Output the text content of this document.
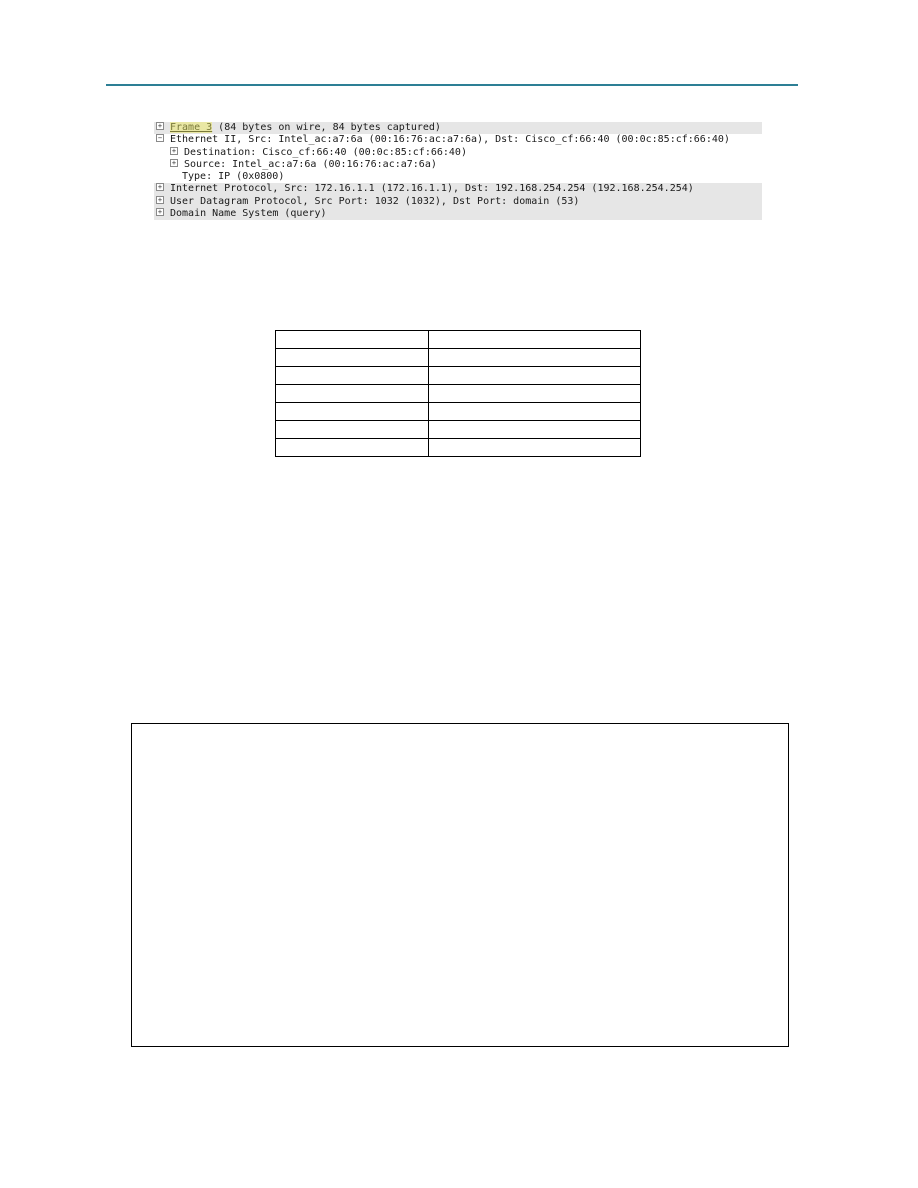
+ Frame 3 (84 bytes on wire, 84 bytes captured)
− Ethernet II, Src: Intel_ac:a7:6a (00:16:76:ac:a7:6a), Dst: Cisco_cf:66:40 (00:0c:85:cf:66:40)
+ Destination: Cisco_cf:66:40 (00:0c:85:cf:66:40)
+ Source: Intel_ac:a7:6a (00:16:76:ac:a7:6a)
Type: IP (0x0800)
+ Internet Protocol, Src: 172.16.1.1 (172.16.1.1), Dst: 192.168.254.254 (192.168.254.254)
+ User Datagram Protocol, Src Port: 1032 (1032), Dst Port: domain (53)
+ Domain Name System (query)
